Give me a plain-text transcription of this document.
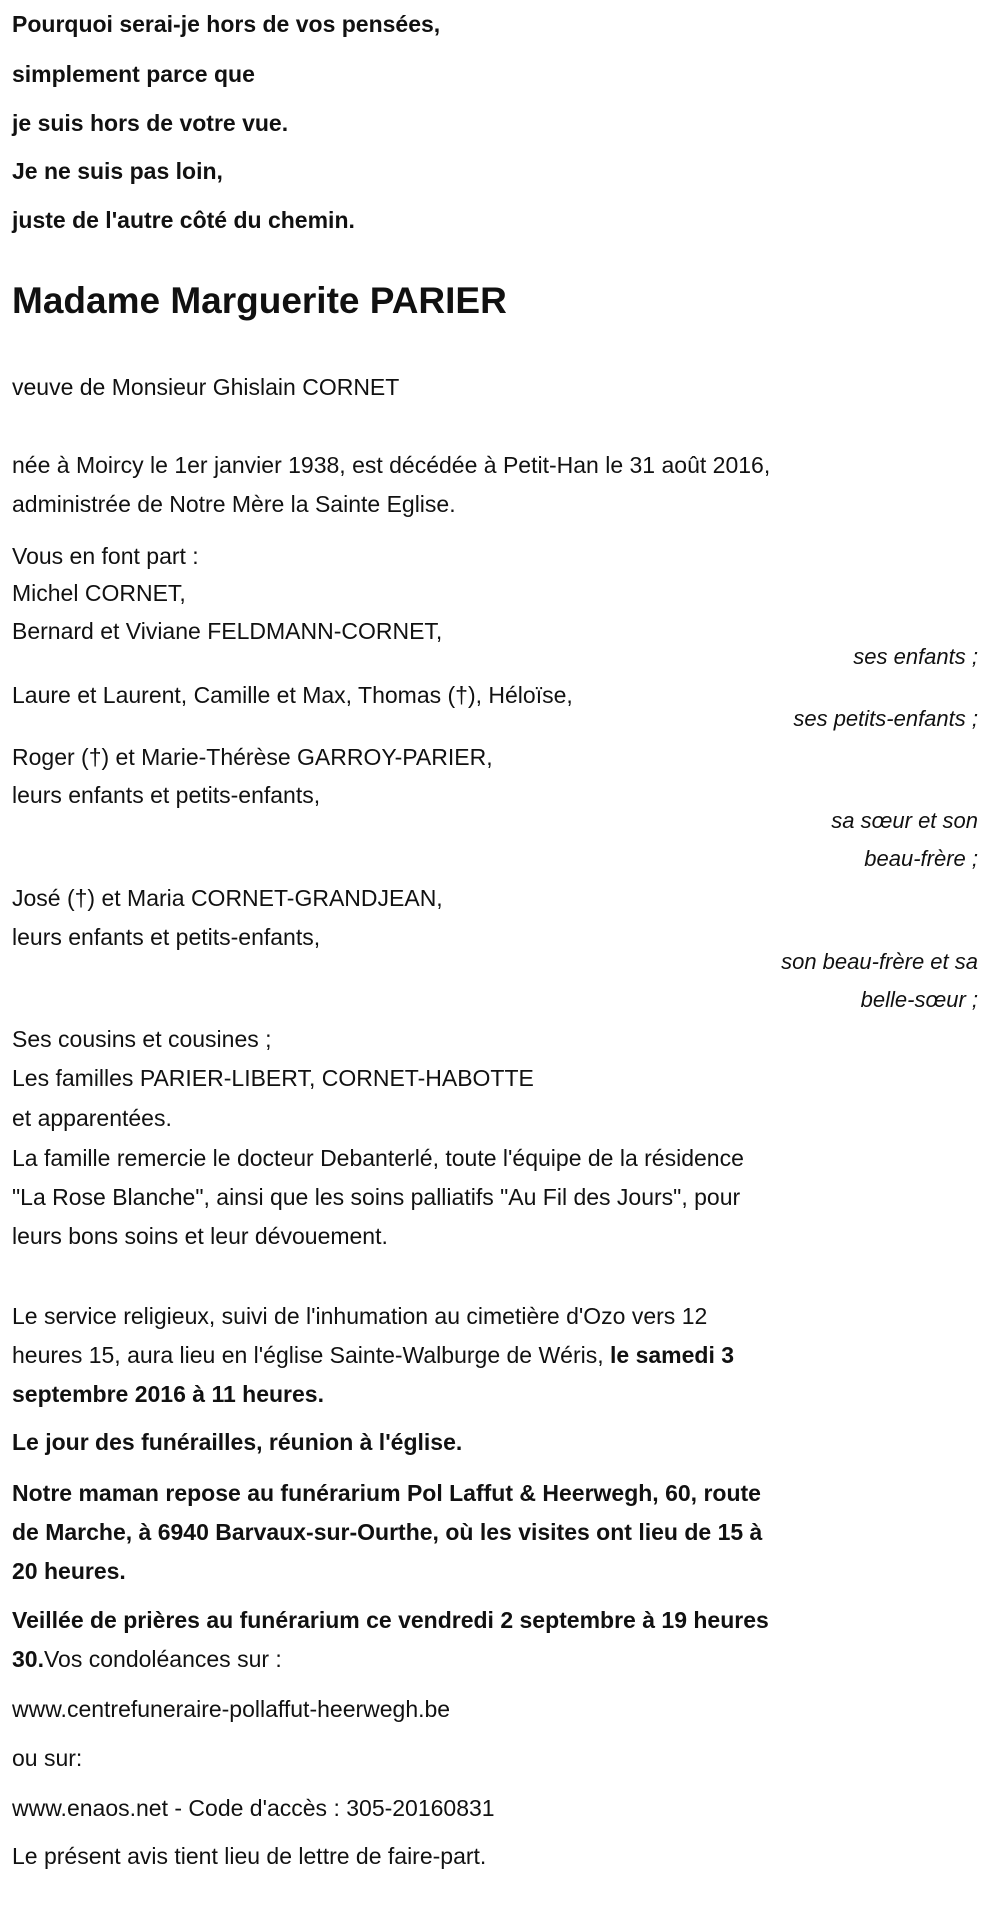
Pourquoi serai-je hors de vos pensées,
simplement parce que
je suis hors de votre vue.
Je ne suis pas loin,
juste de l'autre côté du chemin.
Madame Marguerite PARIER
veuve de Monsieur Ghislain CORNET
née à Moircy le 1er janvier 1938, est décédée à Petit-Han le 31 août 2016,
administrée de Notre Mère la Sainte Eglise.
Vous en font part :
Michel CORNET,
Bernard et Viviane FELDMANN-CORNET,
ses enfants ;
Laure et Laurent, Camille et Max, Thomas (†), Héloïse,
ses petits-enfants ;
Roger (†) et Marie-Thérèse GARROY-PARIER,
leurs enfants et petits-enfants,
sa sœur et son
beau-frère ;
José (†) et Maria CORNET-GRANDJEAN,
leurs enfants et petits-enfants,
son beau-frère et sa
belle-sœur ;
Ses cousins et cousines ;
Les familles PARIER-LIBERT, CORNET-HABOTTE
et apparentées.
La famille remercie le docteur Debanterlé, toute l'équipe de la résidence
"La Rose Blanche", ainsi que les soins palliatifs "Au Fil des Jours", pour
leurs bons soins et leur dévouement.
Le service religieux, suivi de l'inhumation au cimetière d'Ozo vers 12
heures 15, aura lieu en l'église Sainte-Walburge de Wéris, le samedi 3
septembre 2016 à 11 heures.
Le jour des funérailles, réunion à l'église.
Notre maman repose au funérarium Pol Laffut & Heerwegh, 60, route
de Marche, à 6940 Barvaux-sur-Ourthe, où les visites ont lieu de 15 à
20 heures.
Veillée de prières au funérarium ce vendredi 2 septembre à 19 heures
30.Vos condoléances sur :
www.centrefuneraire-pollaffut-heerwegh.be
ou sur:
www.enaos.net - Code d'accès : 305-20160831
Le présent avis tient lieu de lettre de faire-part.
